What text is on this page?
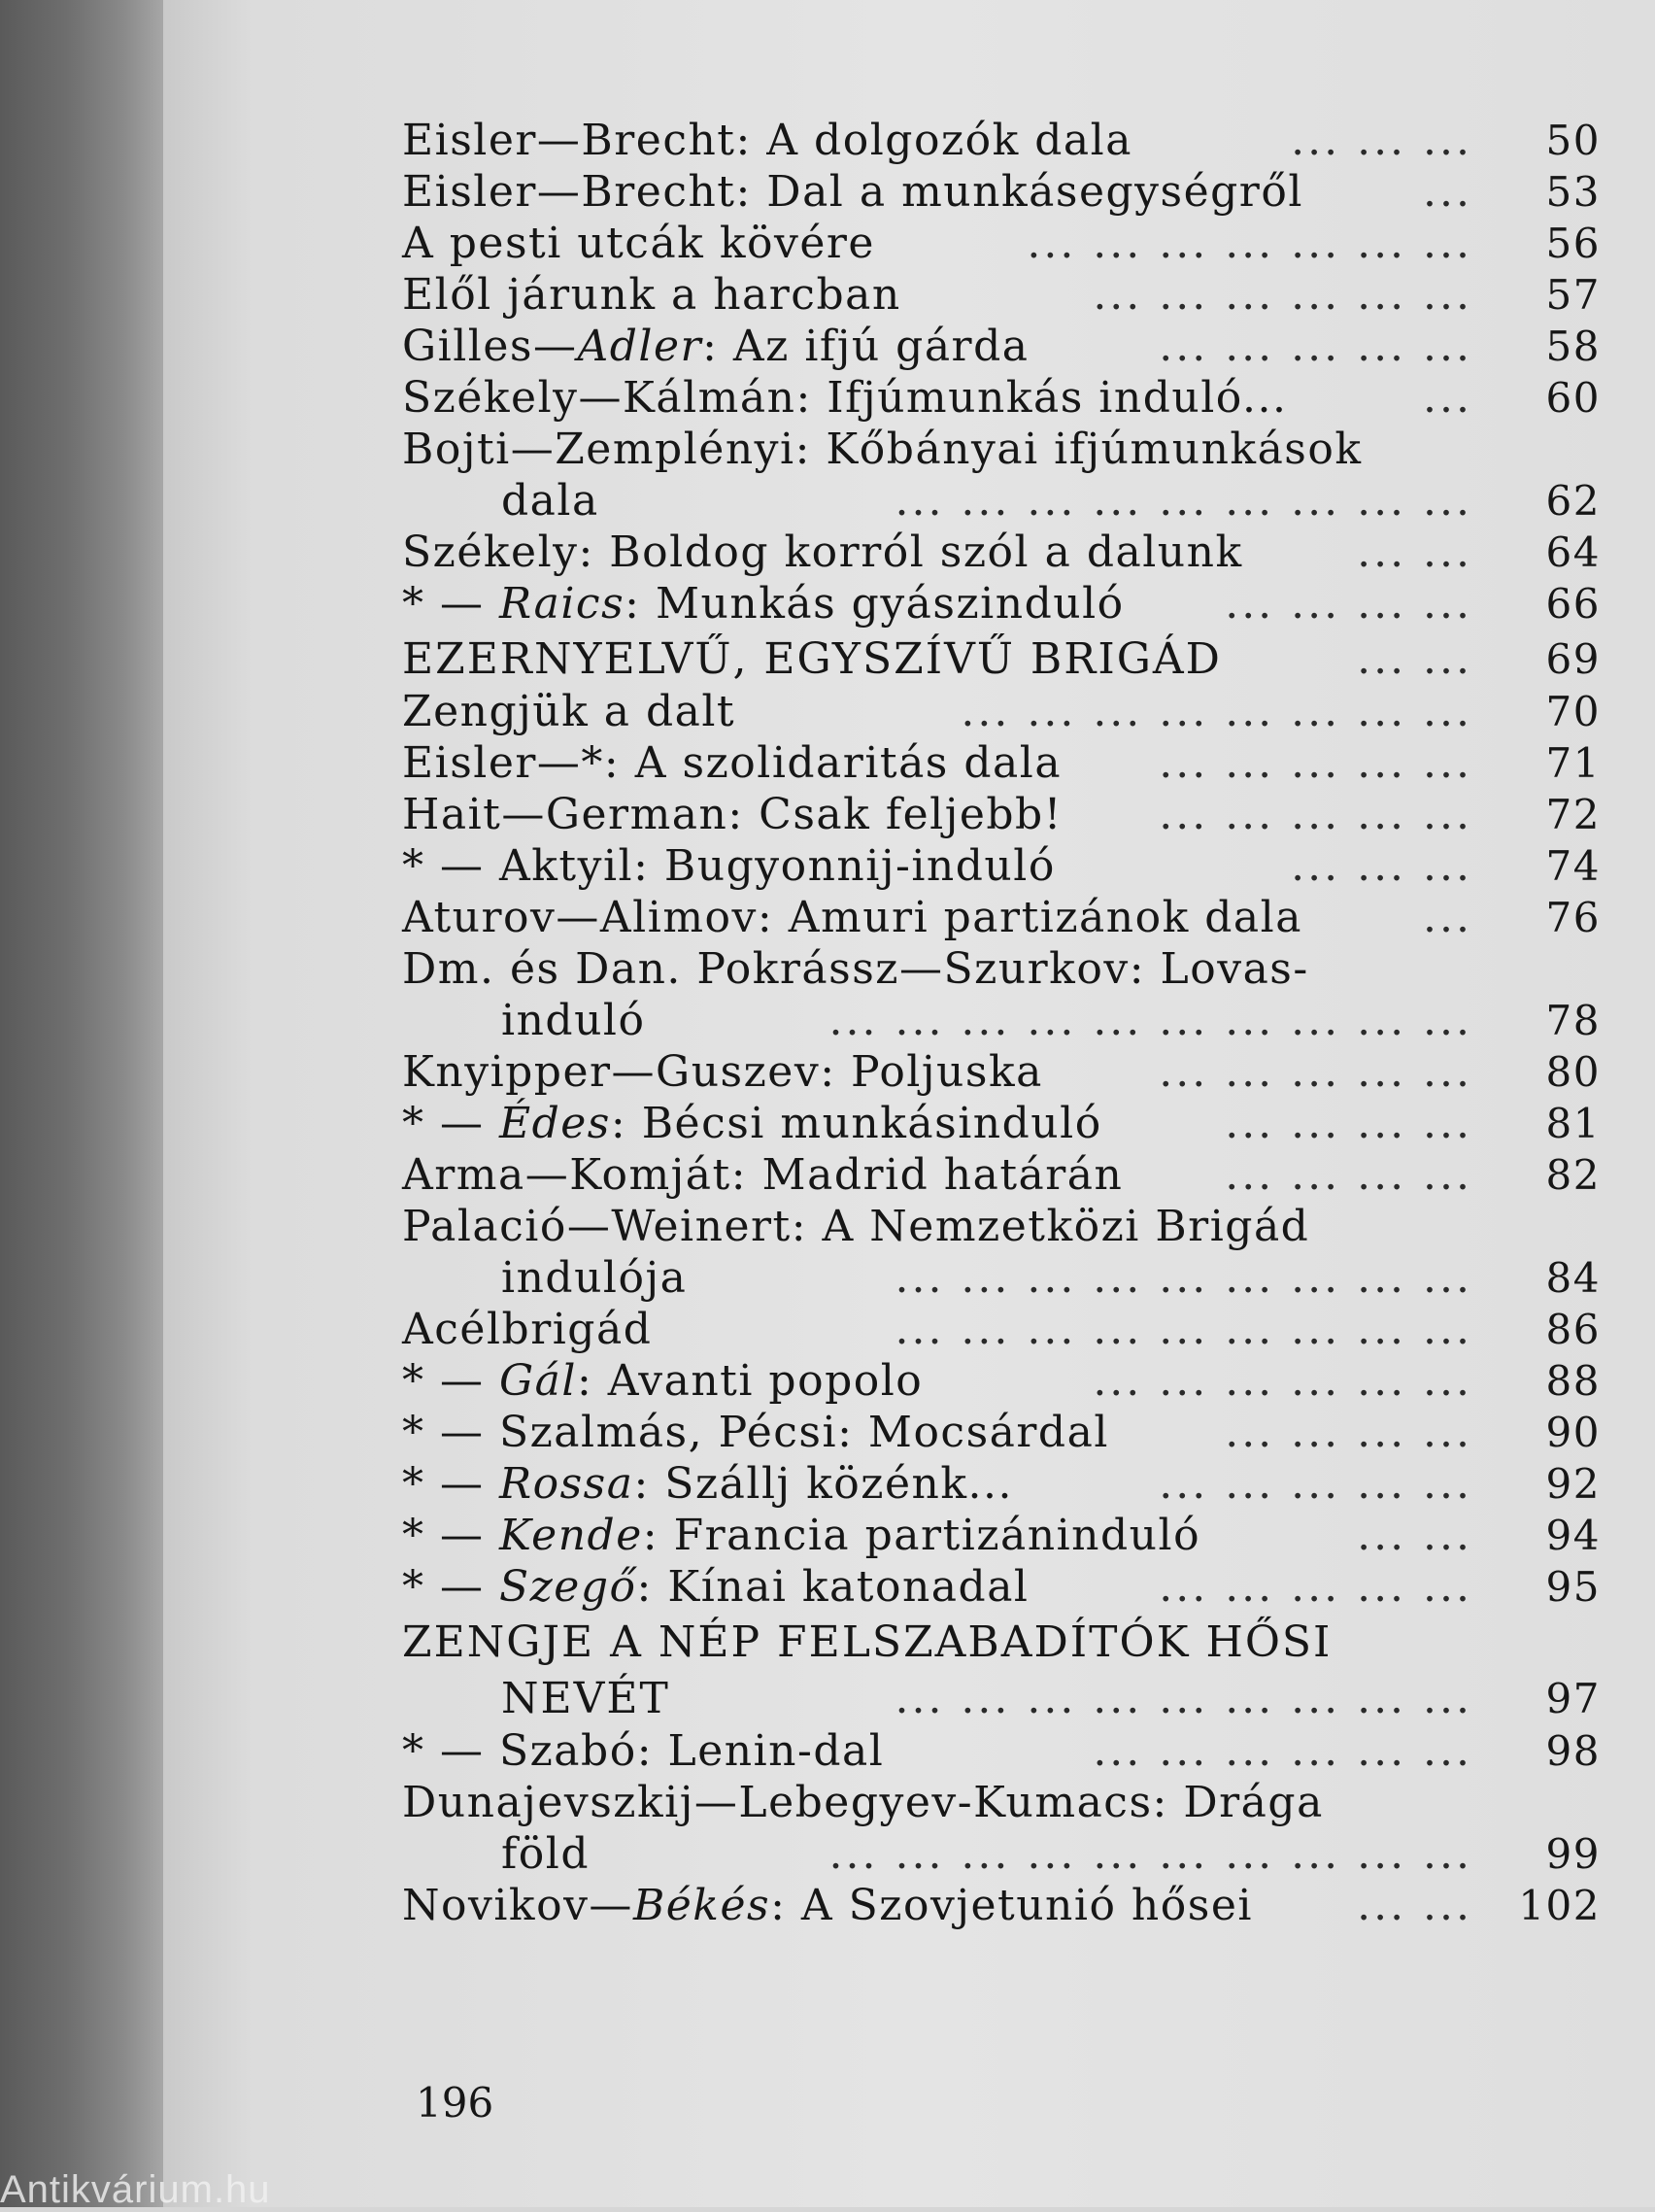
Eisler—Brecht: A dolgozók dala	... ... ...	50
Eisler—Brecht: Dal a munkásegységről	...	53
A pesti utcák kövére	... ... ... ... ... ... ...	56
Elől járunk a harcban	... ... ... ... ... ...	57
Gilles—Adler: Az ifjú gárda	... ... ... ... ...	58
Székely—Kálmán: Ifjúmunkás induló...	...	60
Bojti—Zemplényi: Kőbányai ifjúmunkások
dala	... ... ... ... ... ... ... ... ...	62
Székely: Boldog korról szól a dalunk	... ...	64
* — Raics: Munkás gyászinduló ... ... ... ...	66
EZERNYELVŰ, EGYSZÍVŰ BRIGÁD	... ...	69
Zengjük a dalt	... ... ... ... ... ... ... ...	70
Eisler—*: A szolidaritás dala ... ... ... ... ...	71
Hait—German: Csak feljebb! ... ... ... ... ...	72
* — Aktyil: Bugyonnij-induló	... ... ...	74
Aturov—Alimov: Amuri partizánok dala	...	76
Dm. és Dan. Pokrássz—Szurkov: Lovas-
induló	... ... ... ... ... ... ... ... ... ...	78
Knyipper—Guszev: Poljuska	... ... ... ... ...	80
* — Édes: Bécsi munkásinduló	... ... ... ...	81
Arma—Komját: Madrid határán ... ... ... ...	82
Palació—Weinert: A Nemzetközi Brigád
indulója	... ... ... ... ... ... ... ... ...	84
Acélbrigád	... ... ... ... ... ... ... ... ...	86
* — Gál: Avanti popolo	... ... ... ... ... ...	88
* — Szalmás, Pécsi: Mocsárdal	... ... ... ...	90
* — Rossa: Szállj közénk...	... ... ... ... ...	92
* — Kende: Francia partizáninduló	... ...	94
* — Szegő: Kínai katonadal	... ... ... ... ...	95
ZENGJE A NÉP FELSZABADÍTÓK HŐSI
NEVÉT	... ... ... ... ... ... ... ... ...	97
* — Szabó: Lenin-dal	... ... ... ... ... ...	98
Dunajevszkij—Lebegyev-Kumacs: Drága
föld	... ... ... ... ... ... ... ... ... ...	99
Novikov—Békés: A Szovjetunió hősei ... ...	102
196
Antikvárium.hu
